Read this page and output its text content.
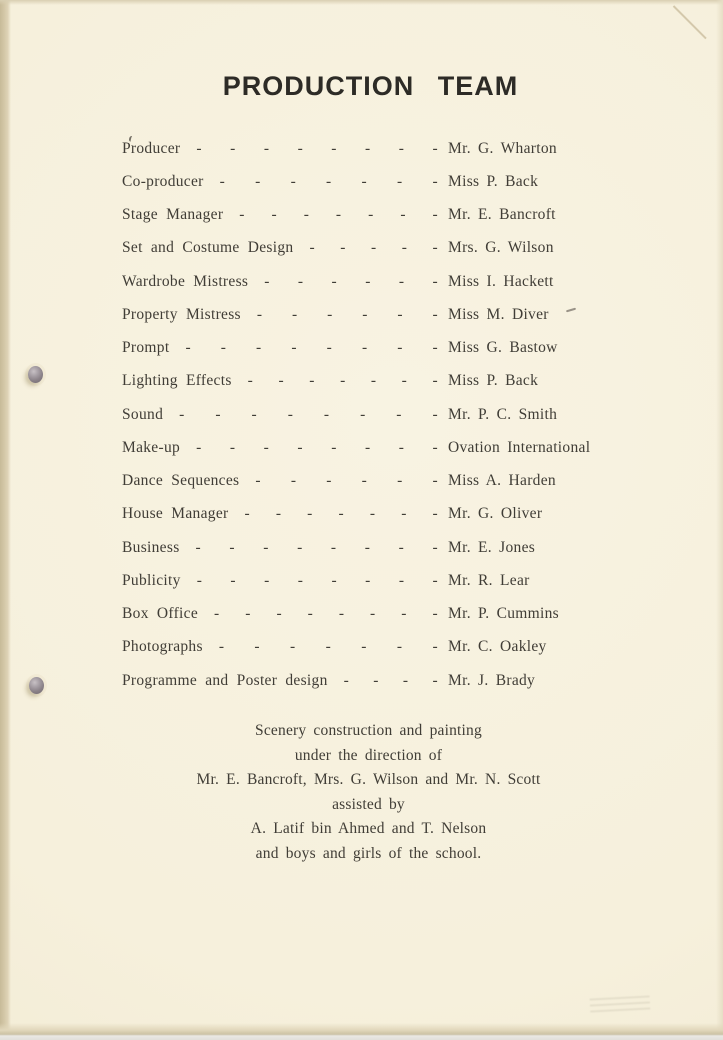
PRODUCTION TEAM
Producer - - - - - - - - Mr. G. Wharton
Co-producer - - - - - - - Miss P. Back
Stage Manager - - - - - - - Mr. E. Bancroft
Set and Costume Design - - - - - Mrs. G. Wilson
Wardrobe Mistress - - - - - - Miss I. Hackett
Property Mistress - - - - - - Miss M. Diver
Prompt - - - - - - - - Miss G. Bastow
Lighting Effects - - - - - - - Miss P. Back
Sound - - - - - - - - Mr. P. C. Smith
Make-up - - - - - - - - Ovation International
Dance Sequences - - - - - - Miss A. Harden
House Manager - - - - - - - Mr. G. Oliver
Business - - - - - - - - Mr. E. Jones
Publicity - - - - - - - - Mr. R. Lear
Box Office - - - - - - - - Mr. P. Cummins
Photographs - - - - - - - Mr. C. Oakley
Programme and Poster design - - - - Mr. J. Brady
Scenery construction and painting
under the direction of
Mr. E. Bancroft, Mrs. G. Wilson and Mr. N. Scott
assisted by
A. Latif bin Ahmed and T. Nelson
and boys and girls of the school.
